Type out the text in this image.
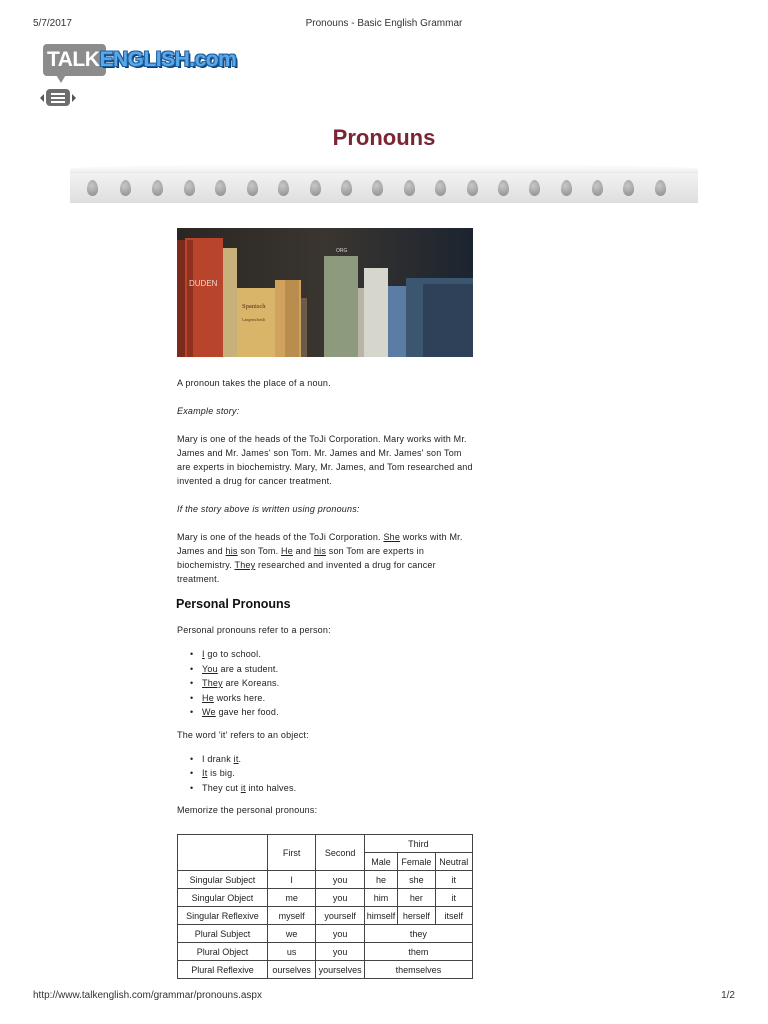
5/7/2017	Pronouns - Basic English Grammar
TALKENGLISH.com
Pronouns
DUDEN
Spanisch
Langenscheidt
ORG

A pronoun takes the place of a noun.

Example story:

Mary is one of the heads of the ToJi Corporation. Mary works with Mr. James and Mr. James' son Tom. Mr. James and Mr. James' son Tom are experts in biochemistry. Mary, Mr. James, and Tom researched and invented a drug for cancer treatment.

If the story above is written using pronouns:

Mary is one of the heads of the ToJi Corporation. She works with Mr. James and his son Tom. He and his son Tom are experts in biochemistry. They researched and invented a drug for cancer treatment.

Personal Pronouns

Personal pronouns refer to a person:

• I go to school.
• You are a student.
• They are Koreans.
• He works here.
• We gave her food.

The word 'it' refers to an object:

• I drank it.
• It is big.
• They cut it into halves.

Memorize the personal pronouns:

	First	Second	Third		
			Male	Female	Neutral
Singular Subject	I	you	he	she	it
Singular Object	me	you	him	her	it
Singular Reflexive	myself	yourself	himself	herself	itself
Plural Subject	we	you	they		
Plural Object	us	you	them		
Plural Reflexive	ourselves	yourselves	themselves		
http://www.talkenglish.com/grammar/pronouns.aspx	1/2
